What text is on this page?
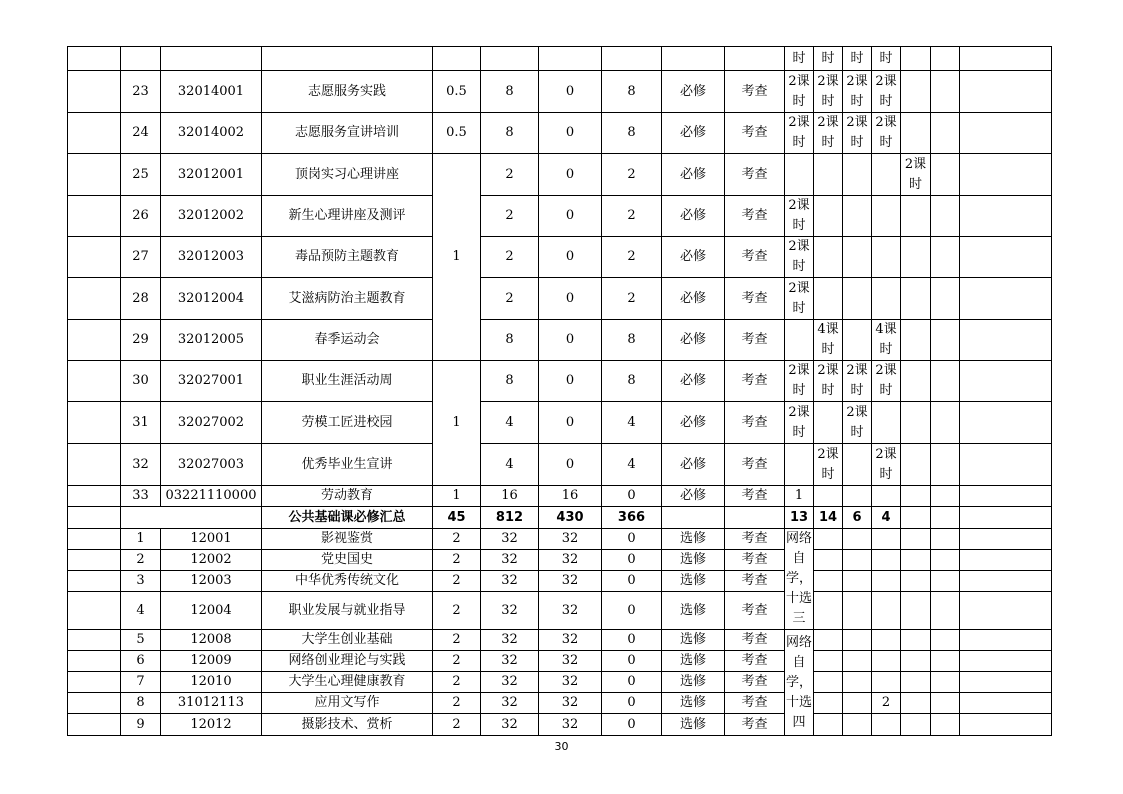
										时	时	时	时			
	23	32014001	志愿服务实践	0.5	8	0	8	必修	考查	2课时	2课时	2课时	2课时			
	24	32014002	志愿服务宣讲培训	0.5	8	0	8	必修	考查	2课时	2课时	2课时	2课时			
	25	32012001	顶岗实习心理讲座	1	2	0	2	必修	考查					2课时		
	26	32012002	新生心理讲座及测评		2	0	2	必修	考查	2课时						
	27	32012003	毒品预防主题教育		2	0	2	必修	考查	2课时						
	28	32012004	艾滋病防治主题教育		2	0	2	必修	考查	2课时						
	29	32012005	春季运动会		8	0	8	必修	考查		4课时		4课时			
	30	32027001	职业生涯活动周	1	8	0	8	必修	考查	2课时	2课时	2课时	2课时			
	31	32027002	劳模工匠进校园		4	0	4	必修	考查	2课时		2课时				
	32	32027003	优秀毕业生宣讲		4	0	4	必修	考查		2课时		2课时			
	33	03221110000	劳动教育	1	16	16	0	必修	考查	1						
			公共基础课必修汇总	45	812	430	366			13	14	6	4			
	1	12001	影视鉴赏	2	32	32	0	选修	考查	网络自学，十选三						
	2	12002	党史国史	2	32	32	0	选修	考查							
	3	12003	中华优秀传统文化	2	32	32	0	选修	考查							
	4	12004	职业发展与就业指导	2	32	32	0	选修	考查							
	5	12008	大学生创业基础	2	32	32	0	选修	考查	网络自学，十选四						
	6	12009	网络创业理论与实践	2	32	32	0	选修	考查							
	7	12010	大学生心理健康教育	2	32	32	0	选修	考查							
	8	31012113	应用文写作	2	32	32	0	选修	考查				2			
	9	12012	摄影技术、赏析	2	32	32	0	选修	考查							
30
